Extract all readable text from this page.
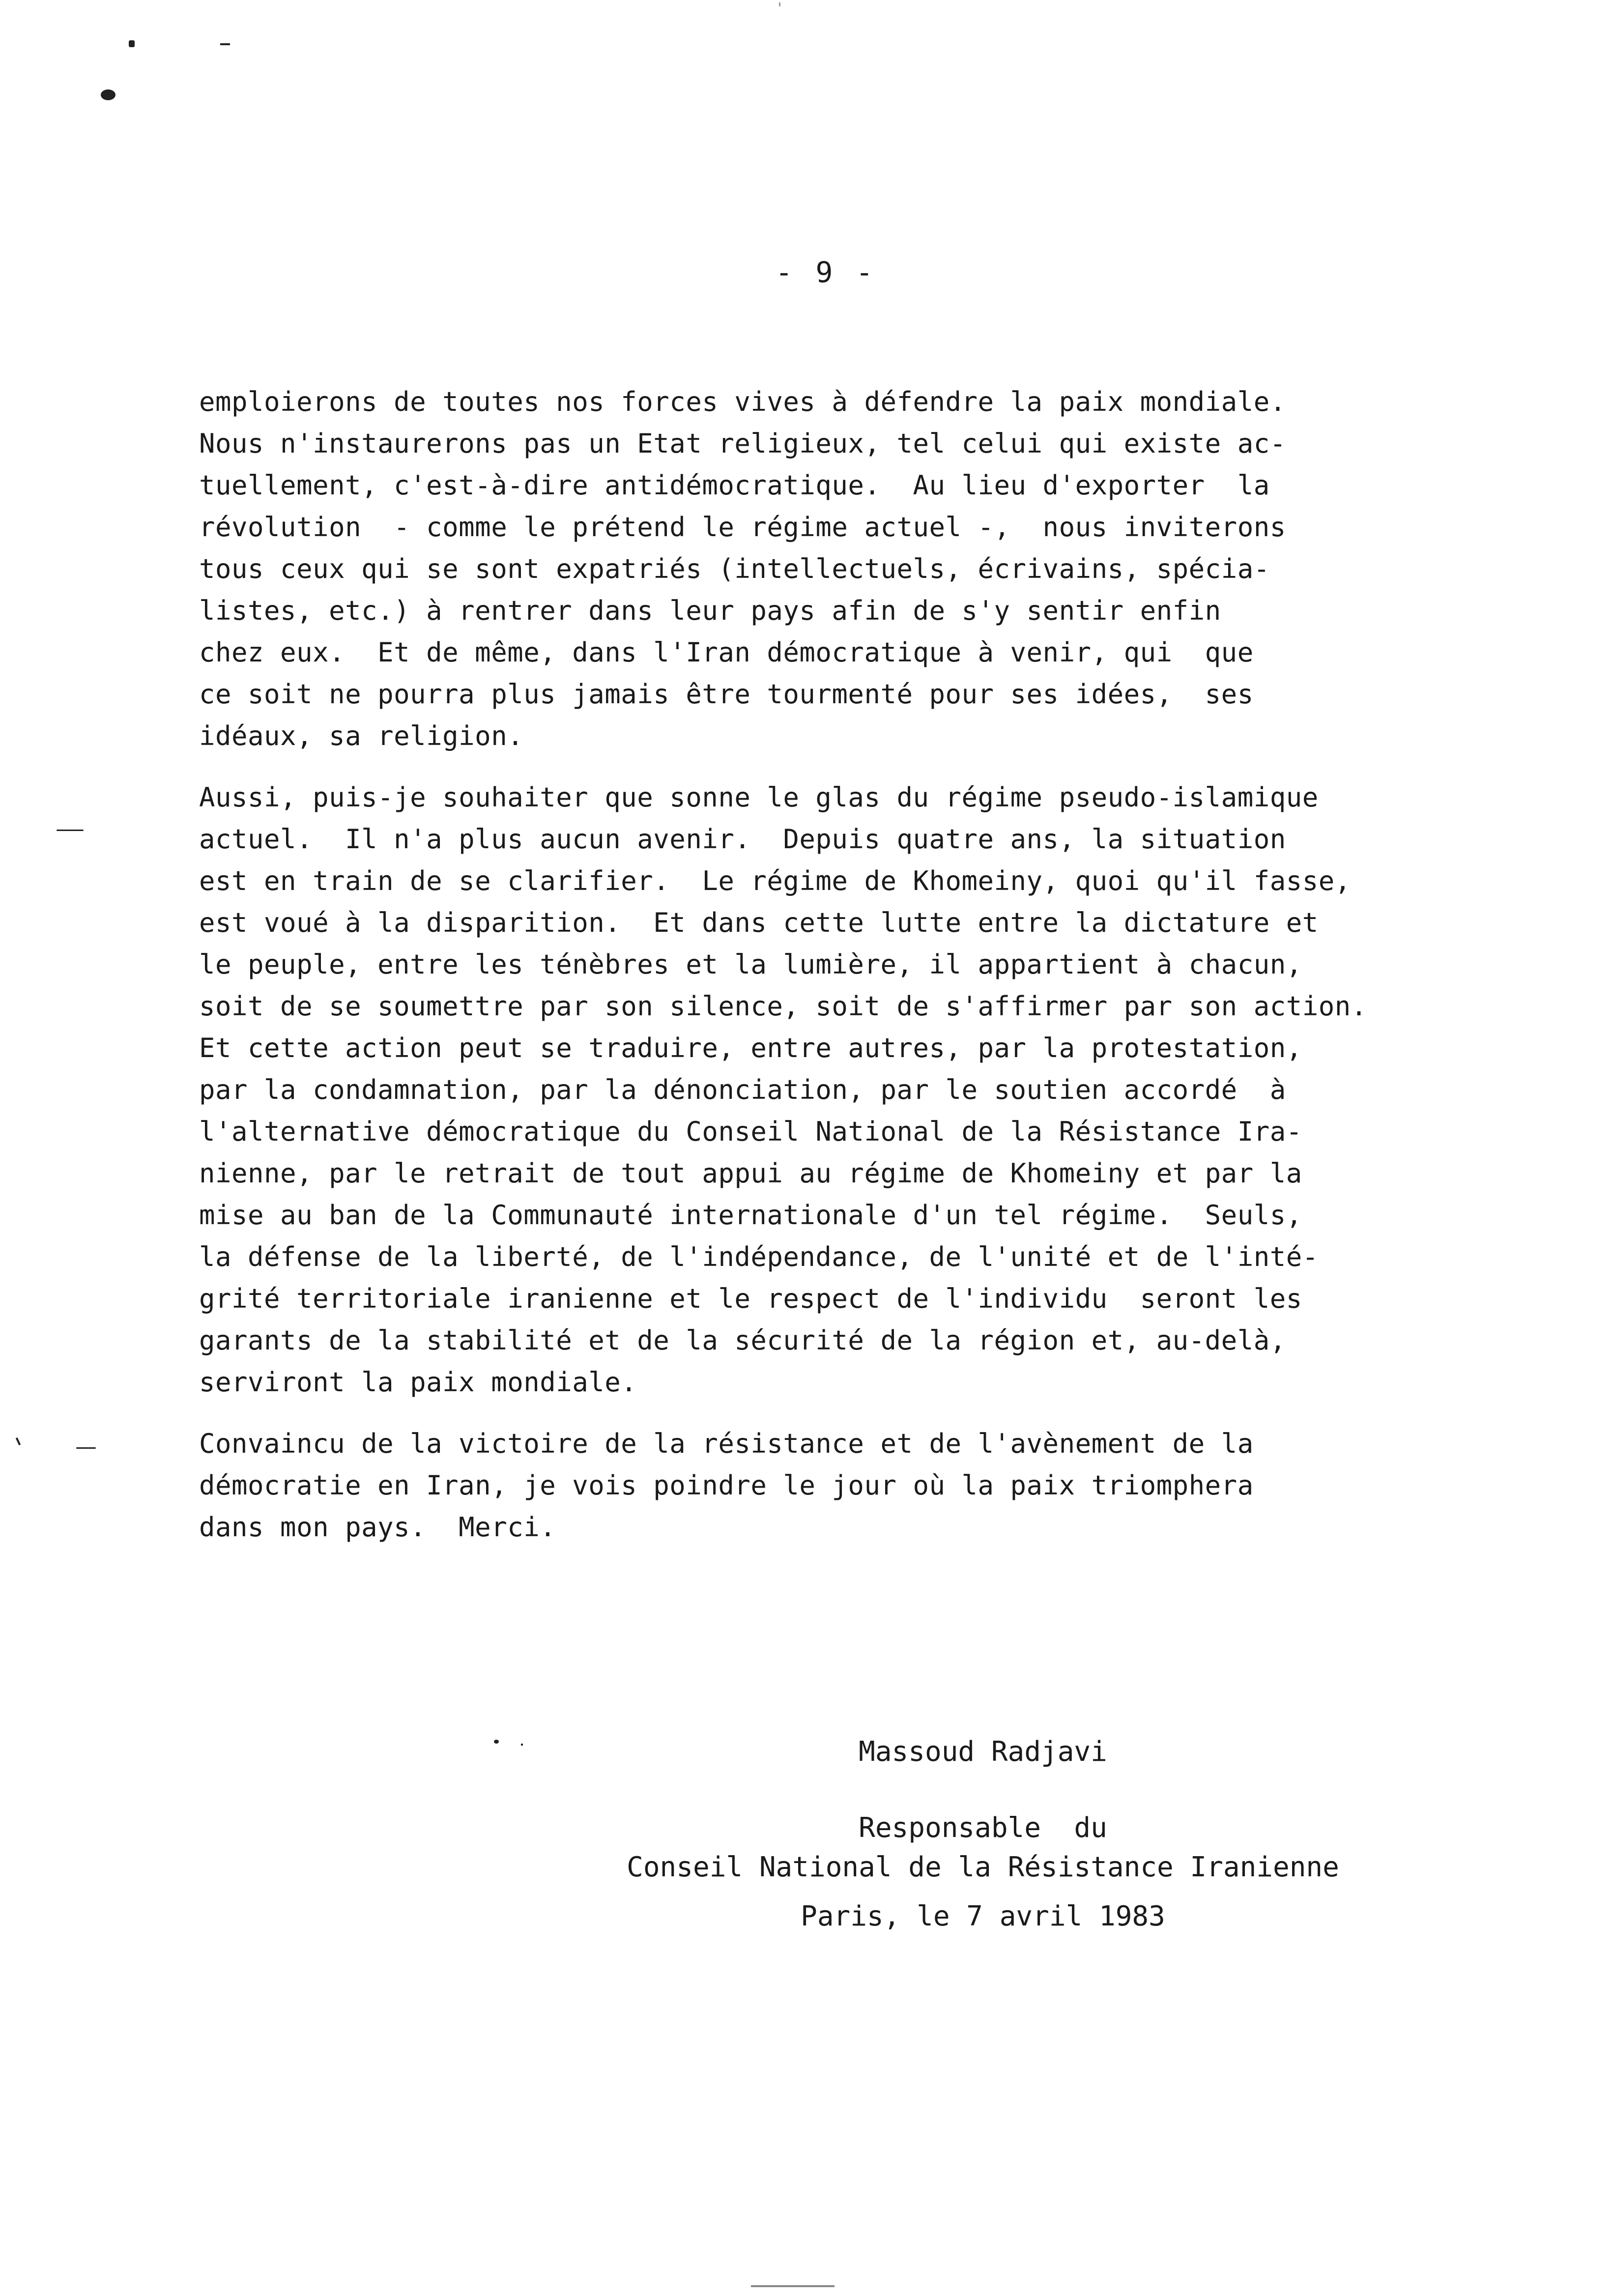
- 9 -
emploierons de toutes nos forces vives à défendre la paix mondiale.
Nous n'instaurerons pas un Etat religieux, tel celui qui existe ac-
tuellement, c'est-à-dire antidémocratique.  Au lieu d'exporter  la
révolution  - comme le prétend le régime actuel -,  nous inviterons
tous ceux qui se sont expatriés (intellectuels, écrivains, spécia-
listes, etc.) à rentrer dans leur pays afin de s'y sentir enfin
chez eux.  Et de même, dans l'Iran démocratique à venir, qui  que
ce soit ne pourra plus jamais être tourmenté pour ses idées,  ses
idéaux, sa religion.
Aussi, puis-je souhaiter que sonne le glas du régime pseudo-islamique
actuel.  Il n'a plus aucun avenir.  Depuis quatre ans, la situation
est en train de se clarifier.  Le régime de Khomeiny, quoi qu'il fasse,
est voué à la disparition.  Et dans cette lutte entre la dictature et
le peuple, entre les ténèbres et la lumière, il appartient à chacun,
soit de se soumettre par son silence, soit de s'affirmer par son action.
Et cette action peut se traduire, entre autres, par la protestation,
par la condamnation, par la dénonciation, par le soutien accordé  à
l'alternative démocratique du Conseil National de la Résistance Ira-
nienne, par le retrait de tout appui au régime de Khomeiny et par la
mise au ban de la Communauté internationale d'un tel régime.  Seuls,
la défense de la liberté, de l'indépendance, de l'unité et de l'inté-
grité territoriale iranienne et le respect de l'individu  seront les
garants de la stabilité et de la sécurité de la région et, au-delà,
serviront la paix mondiale.
Convaincu de la victoire de la résistance et de l'avènement de la
démocratie en Iran, je vois poindre le jour où la paix triomphera
dans mon pays.  Merci.
Massoud Radjavi
Responsable  du
Conseil National de la Résistance Iranienne
Paris, le 7 avril 1983
